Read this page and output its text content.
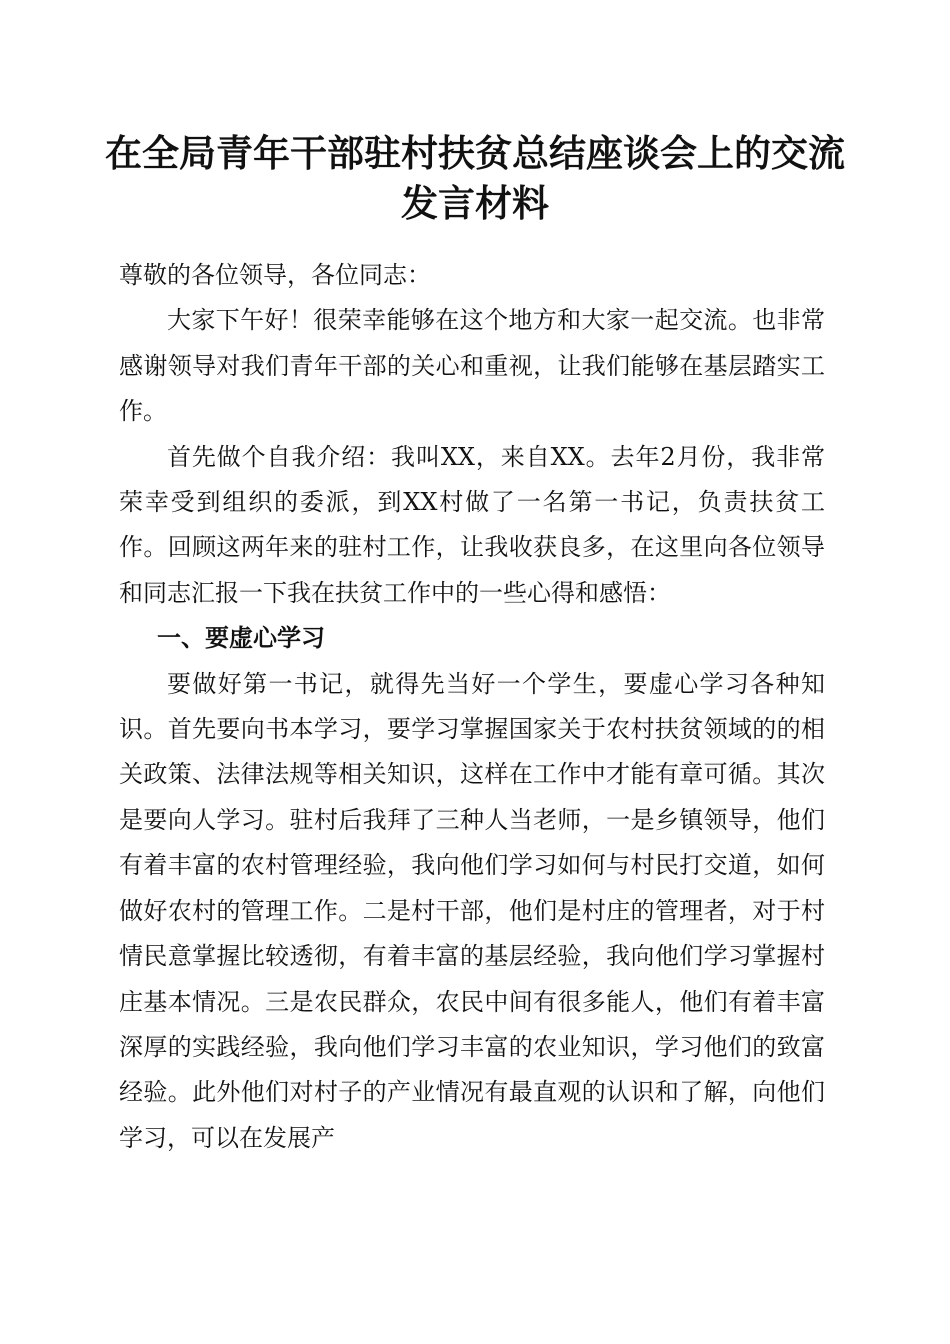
在全局青年干部驻村扶贫总结座谈会上的交流
发言材料

尊敬的各位领导，各位同志：

大家下午好！很荣幸能够在这个地方和大家一起交流。也非常感谢领导对我们青年干部的关心和重视，让我们能够在基层踏实工作。

首先做个自我介绍：我叫XX，来自XX。去年2月份，我非常荣幸受到组织的委派，到XX村做了一名第一书记，负责扶贫工作。回顾这两年来的驻村工作，让我收获良多，在这里向各位领导和同志汇报一下我在扶贫工作中的一些心得和感悟：

一、要虚心学习

要做好第一书记，就得先当好一个学生，要虚心学习各种知识。首先要向书本学习，要学习掌握国家关于农村扶贫领域的的相关政策、法律法规等相关知识，这样在工作中才能有章可循。其次是要向人学习。驻村后我拜了三种人当老师，一是乡镇领导，他们有着丰富的农村管理经验，我向他们学习如何与村民打交道，如何做好农村的管理工作。二是村干部，他们是村庄的管理者，对于村情民意掌握比较透彻，有着丰富的基层经验，我向他们学习掌握村庄基本情况。三是农民群众，农民中间有很多能人，他们有着丰富深厚的实践经验，我向他们学习丰富的农业知识，学习他们的致富经验。此外他们对村子的产业情况有最直观的认识和了解，向他们学习，可以在发展产
